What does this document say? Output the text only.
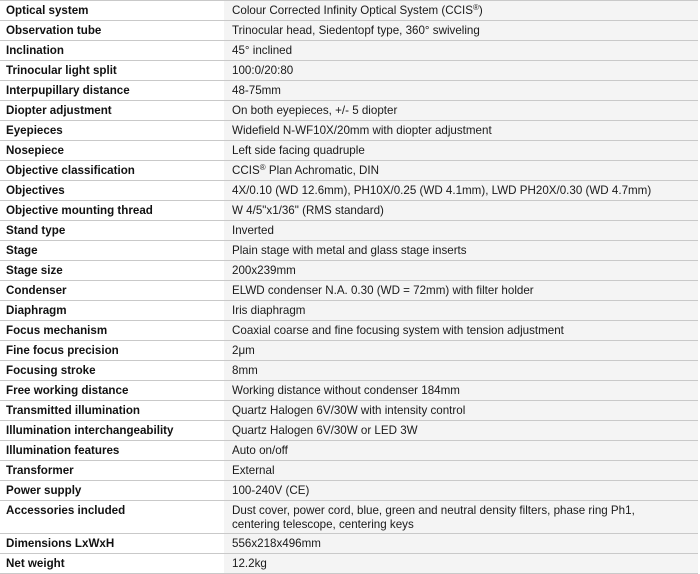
Optical system	Colour Corrected Infinity Optical System (CCIS®)
Observation tube	Trinocular head, Siedentopf type, 360° swiveling
Inclination	45° inclined
Trinocular light split	100:0/20:80
Interpupillary distance	48-75mm
Diopter adjustment	On both eyepieces, +/- 5 diopter
Eyepieces	Widefield N-WF10X/20mm with diopter adjustment
Nosepiece	Left side facing quadruple
Objective classification	CCIS® Plan Achromatic, DIN
Objectives	4X/0.10 (WD 12.6mm), PH10X/0.25 (WD 4.1mm), LWD PH20X/0.30 (WD 4.7mm)
Objective mounting thread	W 4/5"x1/36" (RMS standard)
Stand type	Inverted
Stage	Plain stage with metal and glass stage inserts
Stage size	200x239mm
Condenser	ELWD condenser N.A. 0.30 (WD = 72mm) with filter holder
Diaphragm	Iris diaphragm
Focus mechanism	Coaxial coarse and fine focusing system with tension adjustment
Fine focus precision	2μm
Focusing stroke	8mm
Free working distance	Working distance without condenser 184mm
Transmitted illumination	Quartz Halogen 6V/30W with intensity control
Illumination interchangeability	Quartz Halogen 6V/30W or LED 3W
Illumination features	Auto on/off
Transformer	External
Power supply	100-240V (CE)
Accessories included	Dust cover, power cord, blue, green and neutral density filters, phase ring Ph1,
centering telescope, centering keys

Dimensions LxWxH	556x218x496mm
Net weight	12.2kg
